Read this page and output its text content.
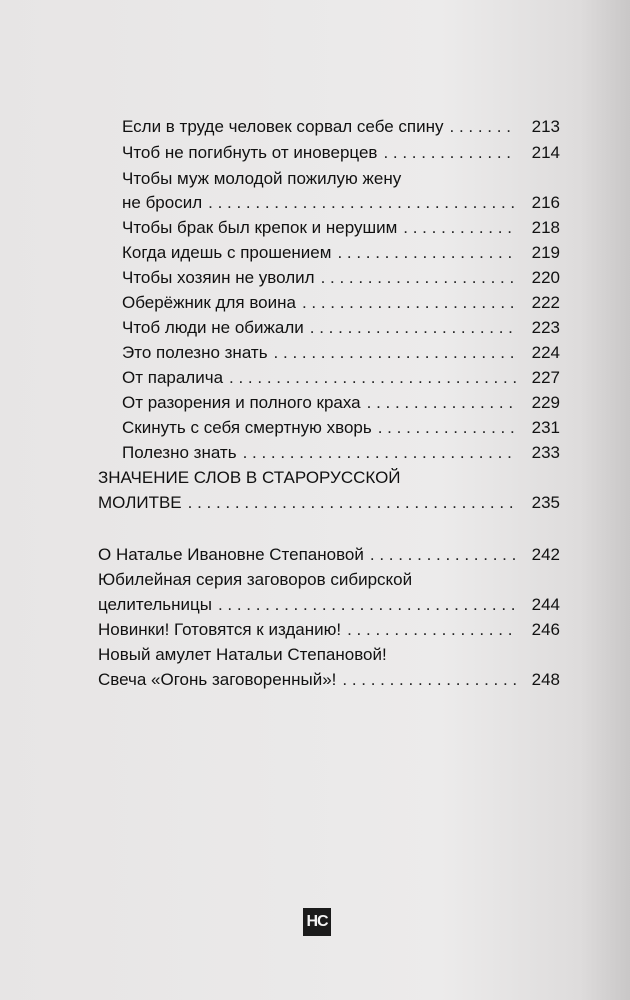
Если в труде человек сорвал себе спину . . .	213
Чтоб не погибнуть от иноверцев . . .	214
Чтобы муж молодой пожилую жену
не бросил . . .	216
Чтобы брак был крепок и нерушим . . .	218
Когда идешь с прошением . . .	219
Чтобы хозяин не уволил . . .	220
Оберёжник для воина . . .	222
Чтоб люди не обижали . . .	223
Это полезно знать . . .	224
От паралича . . .	227
От разорения и полного краха . . .	229
Скинуть с себя смертную хворь . . .	231
Полезно знать . . .	233
ЗНАЧЕНИЕ СЛОВ В СТАРОРУССКОЙ
МОЛИТВЕ . . .	235
О Наталье Ивановне Степановой . . .	242
Юбилейная серия заговоров сибирской
целительницы . . .	244
Новинки! Готовятся к изданию! . . .	246
Новый амулет Натальи Степановой!
Свеча «Огонь заговоренный»! . . .	248
НС
